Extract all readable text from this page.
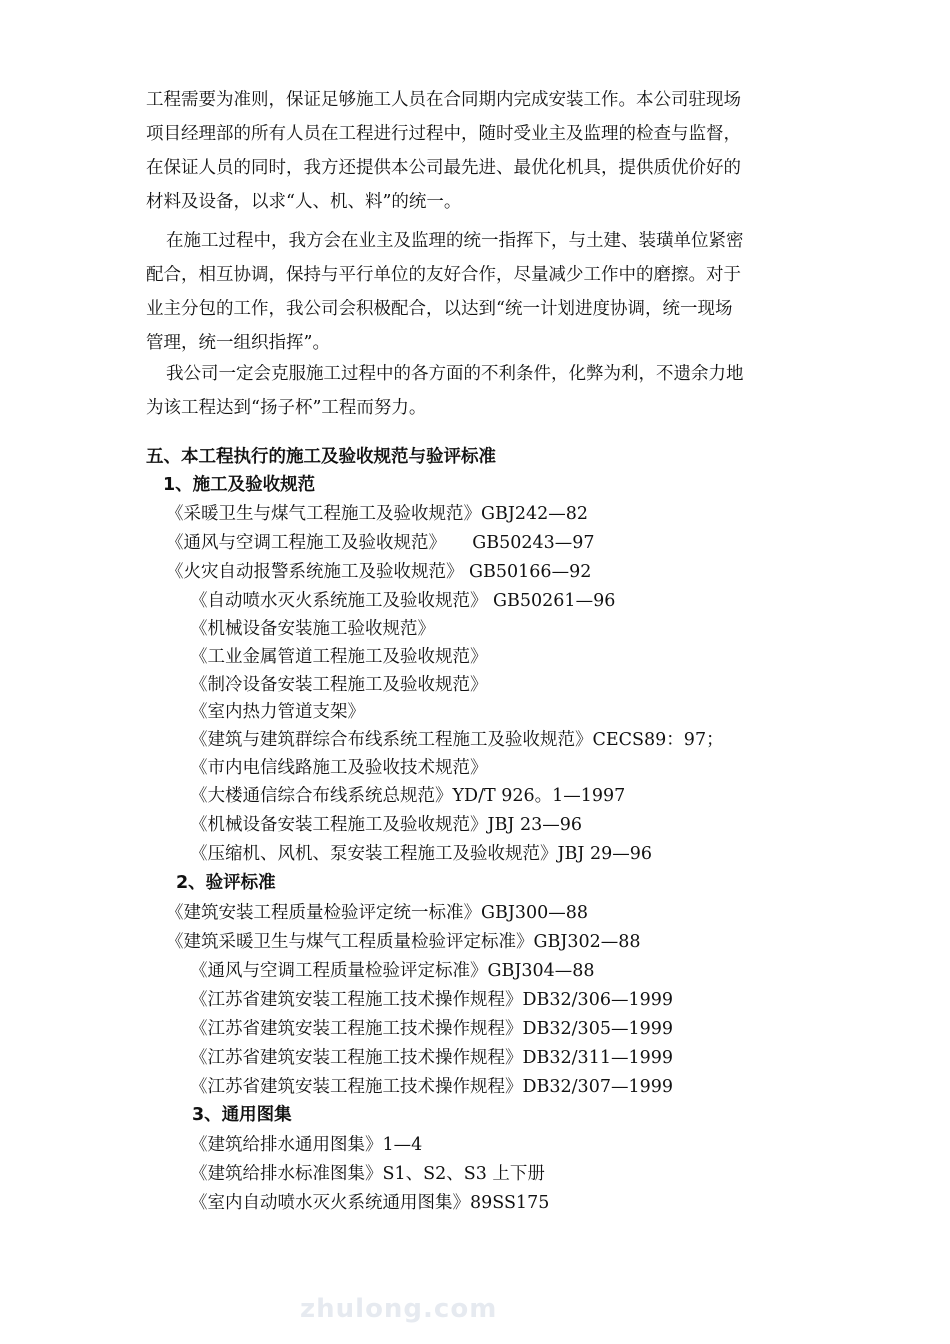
工程需要为准则，保证足够施工人员在合同期内完成安装工作。本公司驻现场
项目经理部的所有人员在工程进行过程中，随时受业主及监理的检查与监督，
在保证人员的同时，我方还提供本公司最先进、最优化机具，提供质优价好的
材料及设备，以求“人、机、料”的统一。
在施工过程中，我方会在业主及监理的统一指挥下，与土建、装璜单位紧密
配合，相互协调，保持与平行单位的友好合作，尽量减少工作中的磨擦。对于
业主分包的工作，我公司会积极配合，以达到“统一计划进度协调，统一现场
管理，统一组织指挥”。
我公司一定会克服施工过程中的各方面的不利条件，化弊为利，不遗余力地
为该工程达到“扬子杯”工程而努力。
五、本工程执行的施工及验收规范与验评标准
1、施工及验收规范
《采暖卫生与煤气工程施工及验收规范》GBJ242—82
《通风与空调工程施工及验收规范》　　GB50243—97
《火灾自动报警系统施工及验收规范》 GB50166—92
《自动喷水灭火系统施工及验收规范》 GB50261—96
《机械设备安装施工验收规范》
《工业金属管道工程施工及验收规范》
《制冷设备安装工程施工及验收规范》
《室内热力管道支架》
《建筑与建筑群综合布线系统工程施工及验收规范》CECS89：97；
《市内电信线路施工及验收技术规范》
《大楼通信综合布线系统总规范》YD/T 926。1—1997
《机械设备安装工程施工及验收规范》JBJ 23—96
《压缩机、风机、泵安装工程施工及验收规范》JBJ 29—96
2、验评标准
《建筑安装工程质量检验评定统一标准》GBJ300—88
《建筑采暖卫生与煤气工程质量检验评定标准》GBJ302—88
《通风与空调工程质量检验评定标准》GBJ304—88
《江苏省建筑安装工程施工技术操作规程》DB32/306—1999
《江苏省建筑安装工程施工技术操作规程》DB32/305—1999
《江苏省建筑安装工程施工技术操作规程》DB32/311—1999
《江苏省建筑安装工程施工技术操作规程》DB32/307—1999
3、通用图集
《建筑给排水通用图集》1—4
《建筑给排水标准图集》S1、S2、S3 上下册
《室内自动喷水灭火系统通用图集》89SS175
zhulong.com
